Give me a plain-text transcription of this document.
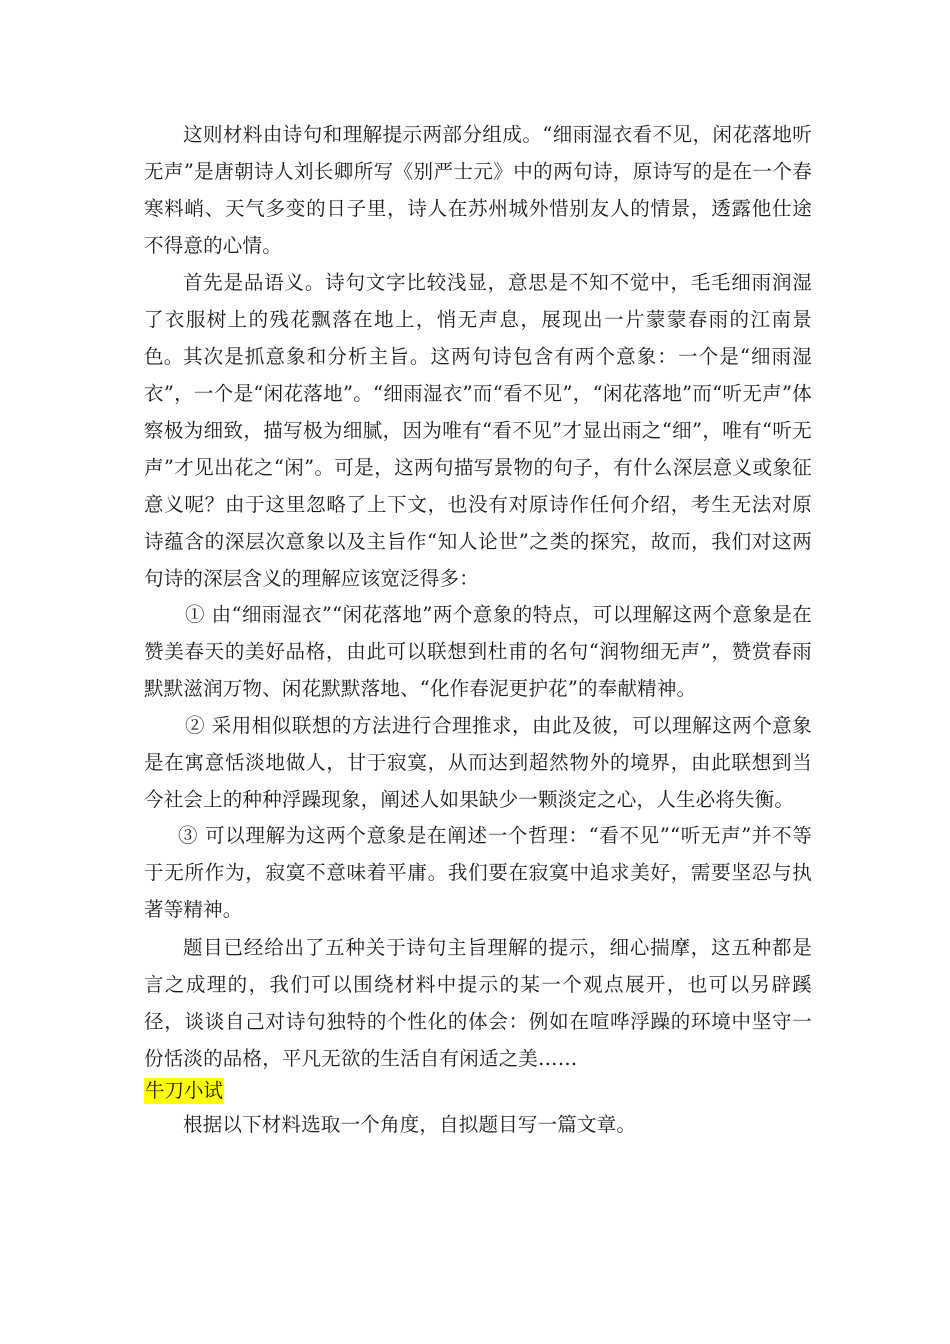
这则材料由诗句和理解提示两部分组成。“细雨湿衣看不见，闲花落地听无声”是唐朝诗人刘长卿所写《别严士元》中的两句诗，原诗写的是在一个春寒料峭、天气多变的日子里，诗人在苏州城外惜别友人的情景，透露他仕途不得意的心情。

首先是品语义。诗句文字比较浅显，意思是不知不觉中，毛毛细雨润湿了衣服树上的残花飘落在地上，悄无声息，展现出一片蒙蒙春雨的江南景色。 其次是抓意象和分析主旨。这两句诗包含有两个意象：一个是“细雨湿衣”，一个是“闲花落地”。“细雨湿衣”而“看不见”，“闲花落地”而“听无声”体察极为细致，描写极为细腻，因为唯有“看不见”才显出雨之“细”，唯有“听无声”才见出花之“闲”。可是，这两句描写景物的句子，有什么深层意义或象征意义呢？由于这里忽略了上下文，也没有对原诗作任何介绍，考生无法对原诗蕴含的深层次意象以及主旨作“知人论世”之类的探究，故而，我们对这两句诗的深层含义的理解应该宽泛得多：

① 由“细雨湿衣”“闲花落地”两个意象的特点，可以理解这两个意象是在赞美春天的美好品格，由此可以联想到杜甫的名句“润物细无声”，赞赏春雨默默滋润万物、闲花默默落地、“化作春泥更护花”的奉献精神。

② 采用相似联想的方法进行合理推求，由此及彼，可以理解这两个意象是在寓意恬淡地做人，甘于寂寞，从而达到超然物外的境界，由此联想到当今社会上的种种浮躁现象，阐述人如果缺少一颗淡定之心，人生必将失衡。

③ 可以理解为这两个意象是在阐述一个哲理：“看不见”“听无声”并不等于无所作为，寂寞不意味着平庸。我们要在寂寞中追求美好，需要坚忍与执著等精神。

题目已经给出了五种关于诗句主旨理解的提示，细心揣摩，这五种都是言之成理的，我们可以围绕材料中提示的某一个观点展开，也可以另辟蹊径，谈谈自己对诗句独特的个性化的体会：例如在喧哗浮躁的环境中坚守一份恬淡的品格，平凡无欲的生活自有闲适之美……

牛刀小试

根据以下材料选取一个角度，自拟题目写一篇文章。
